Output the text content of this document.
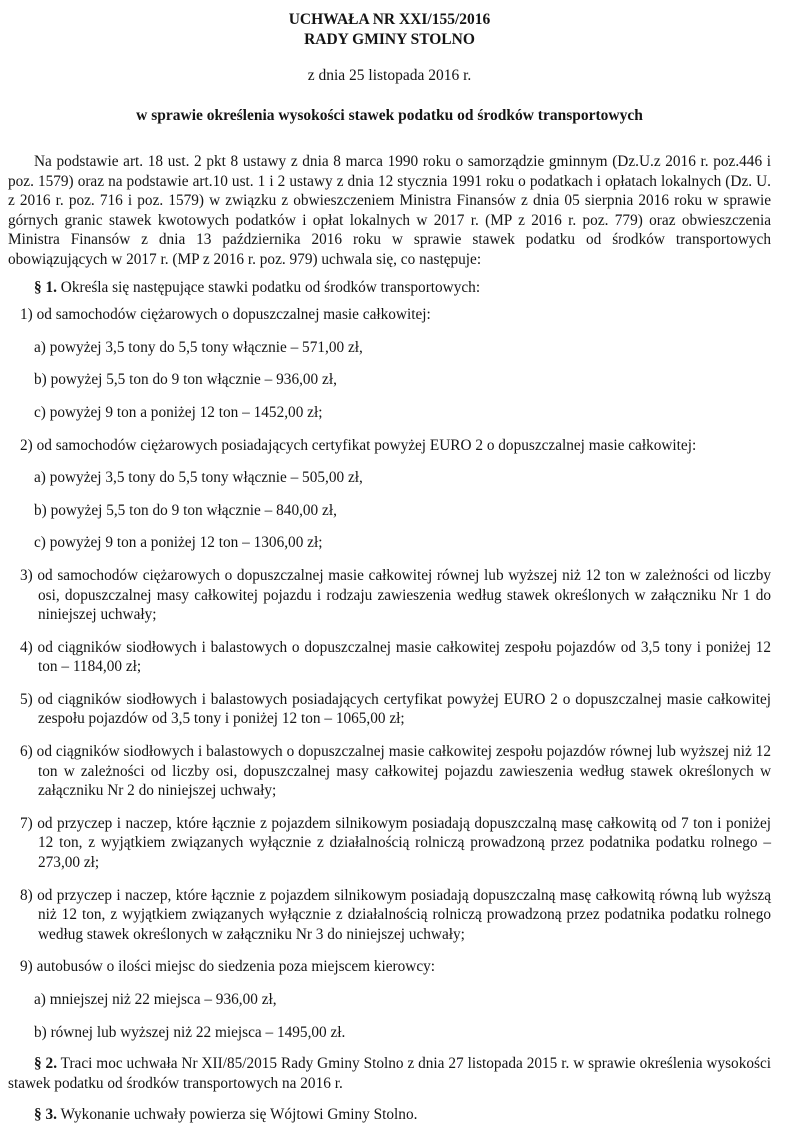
UCHWAŁA NR XXI/155/2016
RADY GMINY STOLNO
z dnia 25 listopada 2016 r.
w sprawie określenia wysokości stawek podatku od środków transportowych
Na podstawie art. 18 ust. 2 pkt 8 ustawy z dnia 8 marca 1990 roku o samorządzie gminnym (Dz.U.z 2016 r. poz.446 i poz. 1579) oraz na podstawie art.10 ust. 1 i 2 ustawy z dnia 12 stycznia 1991 roku o podatkach i opłatach lokalnych (Dz. U. z 2016 r. poz. 716 i poz. 1579) w związku z obwieszczeniem Ministra Finansów z dnia 05 sierpnia 2016 roku w sprawie górnych granic stawek kwotowych podatków i opłat lokalnych w 2017 r. (MP z 2016 r. poz. 779) oraz obwieszczenia Ministra Finansów z dnia 13 października 2016 roku w sprawie stawek podatku od środków transportowych obowiązujących w 2017 r. (MP z 2016 r. poz. 979) uchwala się, co następuje:
§ 1. Określa się następujące stawki podatku od środków transportowych:
1) od samochodów ciężarowych o dopuszczalnej masie całkowitej:
a) powyżej 3,5 tony do 5,5 tony włącznie – 571,00 zł,
b) powyżej 5,5 ton do 9 ton włącznie – 936,00 zł,
c) powyżej 9 ton a poniżej 12 ton – 1452,00 zł;
2) od samochodów ciężarowych posiadających certyfikat powyżej EURO 2 o dopuszczalnej masie całkowitej:
a) powyżej 3,5 tony do 5,5 tony włącznie – 505,00 zł,
b) powyżej 5,5 ton do 9 ton włącznie – 840,00 zł,
c) powyżej 9 ton a poniżej 12 ton – 1306,00 zł;
3) od samochodów ciężarowych o dopuszczalnej masie całkowitej równej lub wyższej niż 12 ton w zależności od liczby osi, dopuszczalnej masy całkowitej pojazdu i rodzaju zawieszenia według stawek określonych w załączniku Nr 1 do niniejszej uchwały;
4) od ciągników siodłowych i balastowych o dopuszczalnej masie całkowitej zespołu pojazdów od 3,5 tony i poniżej 12 ton – 1184,00 zł;
5) od ciągników siodłowych i balastowych posiadających certyfikat powyżej EURO 2 o dopuszczalnej masie całkowitej zespołu pojazdów od 3,5 tony i poniżej 12 ton – 1065,00 zł;
6) od ciągników siodłowych i balastowych o dopuszczalnej masie całkowitej zespołu pojazdów równej lub wyższej niż 12 ton w zależności od liczby osi, dopuszczalnej masy całkowitej pojazdu zawieszenia według stawek określonych w załączniku Nr 2 do niniejszej uchwały;
7) od przyczep i naczep, które łącznie z pojazdem silnikowym posiadają dopuszczalną masę całkowitą od 7 ton i poniżej 12 ton, z wyjątkiem związanych wyłącznie z działalnością rolniczą prowadzoną przez podatnika podatku rolnego – 273,00 zł;
8) od przyczep i naczep, które łącznie z pojazdem silnikowym posiadają dopuszczalną masę całkowitą równą lub wyższą niż 12 ton, z wyjątkiem związanych wyłącznie z działalnością rolniczą prowadzoną przez podatnika podatku rolnego według stawek określonych w załączniku Nr 3 do niniejszej uchwały;
9) autobusów o ilości miejsc do siedzenia poza miejscem kierowcy:
a) mniejszej niż 22 miejsca – 936,00 zł,
b) równej lub wyższej niż 22 miejsca – 1495,00 zł.
§ 2. Traci moc uchwała Nr XII/85/2015 Rady Gminy Stolno z dnia 27 listopada 2015 r. w sprawie określenia wysokości stawek podatku od środków transportowych na 2016 r.
§ 3. Wykonanie uchwały powierza się Wójtowi Gminy Stolno.
